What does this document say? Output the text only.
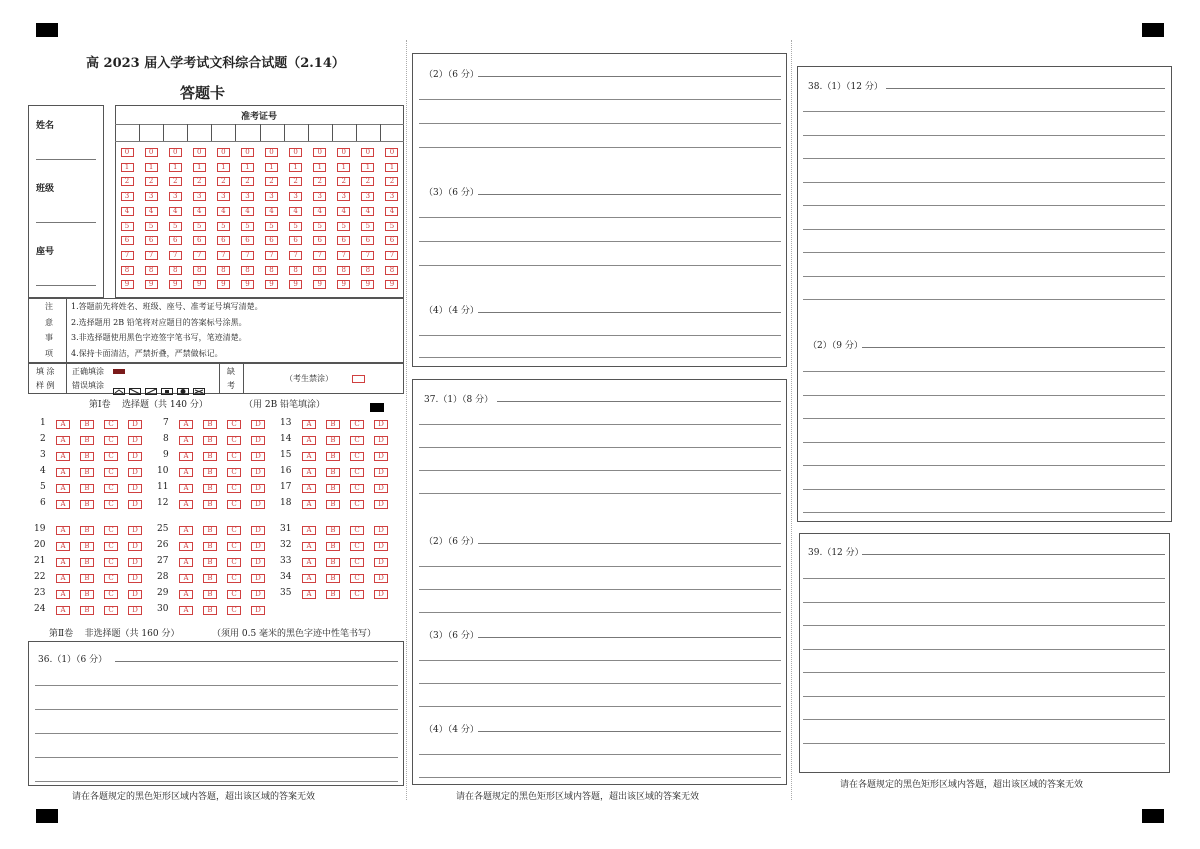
高 2023 届入学考试文科综合试题（2.14）
答题卡
姓名
班级
座号
准考证号
0	0	0	0	0	0	0	0	0	0	0	0
1	1	1	1	1	1	1	1	1	1	1	1
2	2	2	2	2	2	2	2	2	2	2	2
3	3	3	3	3	3	3	3	3	3	3	3
4	4	4	4	4	4	4	4	4	4	4	4
5	5	5	5	5	5	5	5	5	5	5	5
6	6	6	6	6	6	6	6	6	6	6	6
7	7	7	7	7	7	7	7	7	7	7	7
8	8	8	8	8	8	8	8	8	8	8	8
9	9	9	9	9	9	9	9	9	9	9	9
注
意
事
项
1.答题前先将姓名、班级、座号、准考证号填写清楚。
2.选择题用 2B 铅笔将对应题目的答案标号涂黑。
3.非选择题使用黑色字迹签字笔书写，笔迹清楚。
4.保持卡面清洁，严禁折叠，严禁做标记。
填 涂
样 例
正确填涂
错误填涂
缺
考
（考生禁涂）
第Ⅰ卷    选择题（共 140 分）	（用 2B 铅笔填涂）
1	A	B	C	D	7	A	B	C	D	13	A	B	C	D
2	A	B	C	D	8	A	B	C	D	14	A	B	C	D
3	A	B	C	D	9	A	B	C	D	15	A	B	C	D
4	A	B	C	D	10	A	B	C	D	16	A	B	C	D
5	A	B	C	D	11	A	B	C	D	17	A	B	C	D
6	A	B	C	D	12	A	B	C	D	18	A	B	C	D
19	A	B	C	D	25	A	B	C	D	31	A	B	C	D
20	A	B	C	D	26	A	B	C	D	32	A	B	C	D
21	A	B	C	D	27	A	B	C	D	33	A	B	C	D
22	A	B	C	D	28	A	B	C	D	34	A	B	C	D
23	A	B	C	D	29	A	B	C	D	35	A	B	C	D
24	A	B	C	D	30	A	B	C	D
第Ⅱ卷    非选择题（共 160 分）	（须用 0.5 毫米的黑色字迹中性笔书写）
36.（1）（6 分）
请在各题规定的黑色矩形区域内答题，超出该区域的答案无效
（2）（6 分）
（3）（6 分）
（4）（4 分）
37.（1）（8 分）
（2）（6 分）
（3）（6 分）
（4）（4 分）
请在各题规定的黑色矩形区域内答题，超出该区域的答案无效
38.（1）（12 分）
（2）（9 分）
39.（12 分）
请在各题规定的黑色矩形区域内答题，超出该区域的答案无效
